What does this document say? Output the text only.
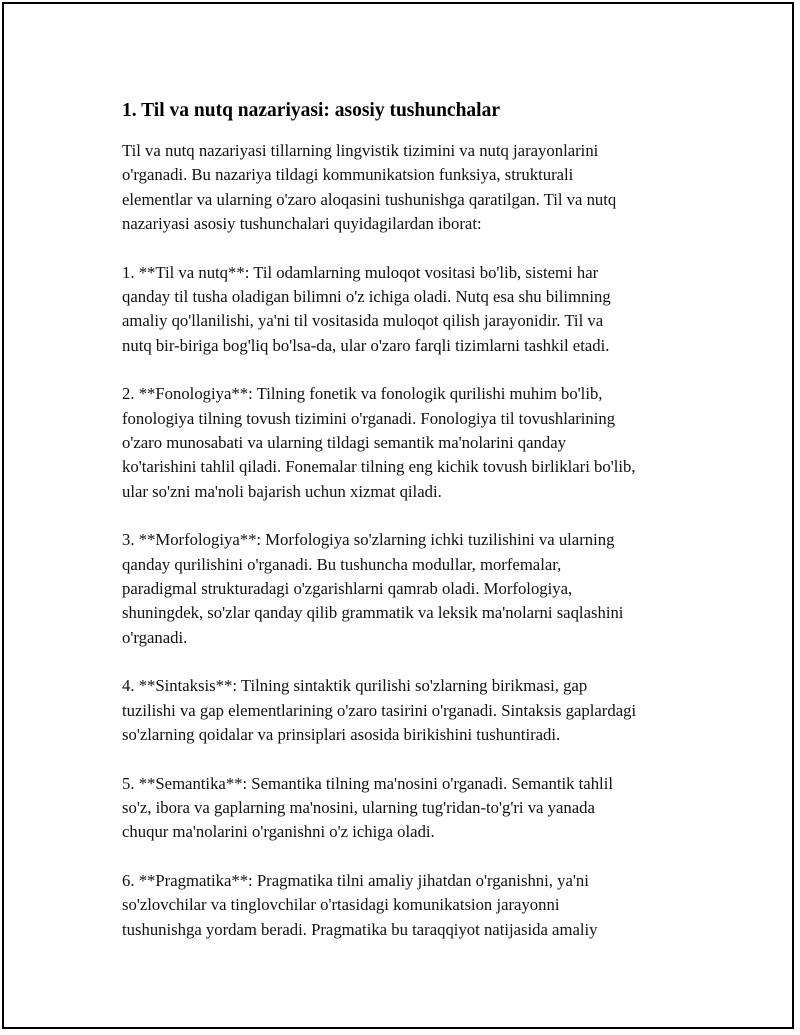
1. Til va nutq nazariyasi: asosiy tushunchalar

Til va nutq nazariyasi tillarning lingvistik tizimini va nutq jarayonlarini
o'rganadi. Bu nazariya tildagi kommunikatsion funksiya, strukturali
elementlar va ularning o'zaro aloqasini tushunishga qaratilgan. Til va nutq
nazariyasi asosiy tushunchalari quyidagilardan iborat:

1. **Til va nutq**: Til odamlarning muloqot vositasi bo'lib, sistemi har
qanday til tusha oladigan bilimni o'z ichiga oladi. Nutq esa shu bilimning
amaliy qo'llanilishi, ya'ni til vositasida muloqot qilish jarayonidir. Til va
nutq bir-biriga bog'liq bo'lsa-da, ular o'zaro farqli tizimlarni tashkil etadi.

2. **Fonologiya**: Tilning fonetik va fonologik qurilishi muhim bo'lib,
fonologiya tilning tovush tizimini o'rganadi. Fonologiya til tovushlarining
o'zaro munosabati va ularning tildagi semantik ma'nolarini qanday
ko'tarishini tahlil qiladi. Fonemalar tilning eng kichik tovush birliklari bo'lib,
ular so'zni ma'noli bajarish uchun xizmat qiladi.

3. **Morfologiya**: Morfologiya so'zlarning ichki tuzilishini va ularning
qanday qurilishini o'rganadi. Bu tushuncha modullar, morfemalar,
paradigmal strukturadagi o'zgarishlarni qamrab oladi. Morfologiya,
shuningdek, so'zlar qanday qilib grammatik va leksik ma'nolarni saqlashini
o'rganadi.

4. **Sintaksis**: Tilning sintaktik qurilishi so'zlarning birikmasi, gap
tuzilishi va gap elementlarining o'zaro tasirini o'rganadi. Sintaksis gaplardagi
so'zlarning qoidalar va prinsiplari asosida birikishini tushuntiradi.

5. **Semantika**: Semantika tilning ma'nosini o'rganadi. Semantik tahlil
so'z, ibora va gaplarning ma'nosini, ularning tug'ridan-to'g'ri va yanada
chuqur ma'nolarini o'rganishni o'z ichiga oladi.

6. **Pragmatika**: Pragmatika tilni amaliy jihatdan o'rganishni, ya'ni
so'zlovchilar va tinglovchilar o'rtasidagi komunikatsion jarayonni
tushunishga yordam beradi. Pragmatika bu taraqqiyot natijasida amaliy
